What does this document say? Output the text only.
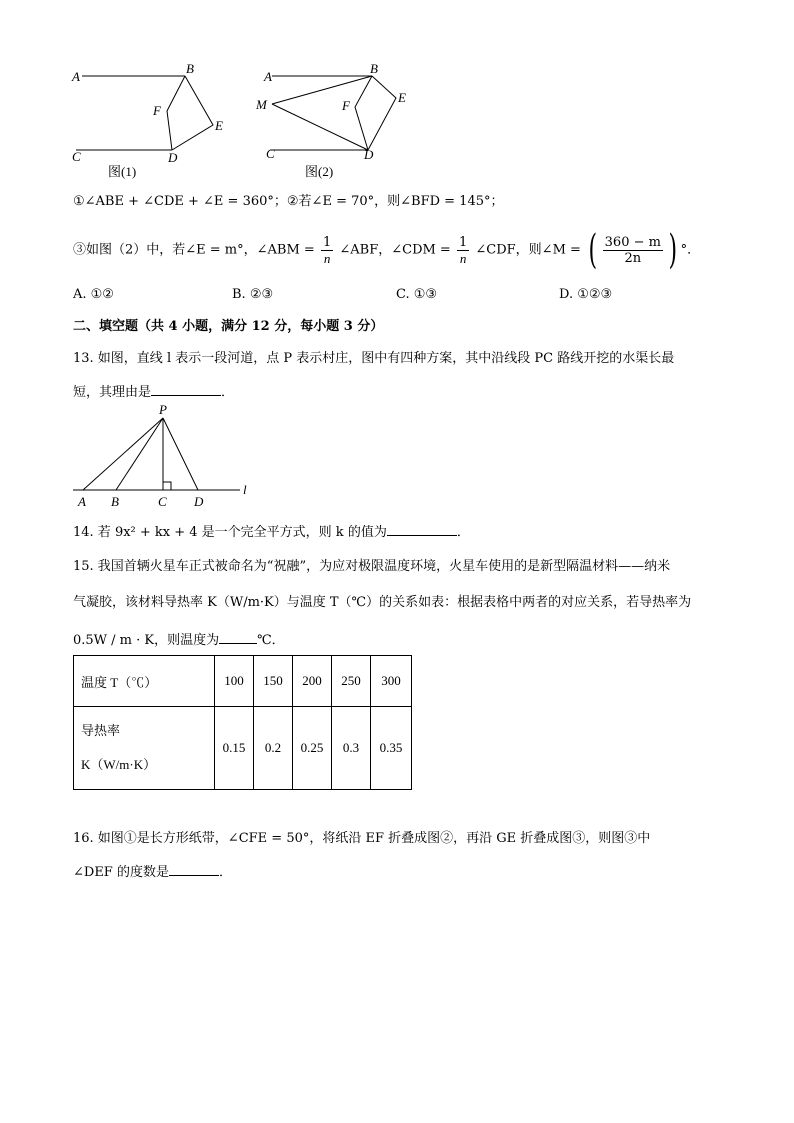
A
B
F
E
C	D
图(1)
A
B
M	F
E
C	D
图(2)
①∠ABE + ∠CDE + ∠E = 360°；②若∠E = 70°，则∠BFD = 145°；
③如图（2）中，若∠E = m°，∠ABM = $\frac{1}{n}$ ∠ABF，∠CDM = $\frac{1}{n}$ ∠CDF，则∠M = ( $\frac{360 - m}{2n}$ ) °．
A. ①②	B. ②③	C. ①③	D. ①②③
二、填空题（共 4 小题，满分 12 分，每小题 3 分）
13. 如图，直线 l 表示一段河道，点 P 表示村庄，图中有四种方案，其中沿线段 PC 路线开挖的水渠长最
短，其理由是	．
P
A B	C D
l
14. 若 9x² + kx + 4 是一个完全平方式，则 k 的值为	．
15. 我国首辆火星车正式被命名为“祝融”，为应对极限温度环境，火星车使用的是新型隔温材料——纳米
气凝胶，该材料导热率 K（W/m·K）与温度 T（℃）的关系如表：根据表格中两者的对应关系，若导热率为
0.5W / m · K，则温度为	℃．
温度 T（℃）	100	150	200	250	300

导热率
K（W/m·K）	0.15	0.2	0.25	0.3	0.35
16. 如图①是长方形纸带，∠CFE = 50°，将纸沿 EF 折叠成图②，再沿 GE 折叠成图③，则图③中
∠DEF 的度数是	．
